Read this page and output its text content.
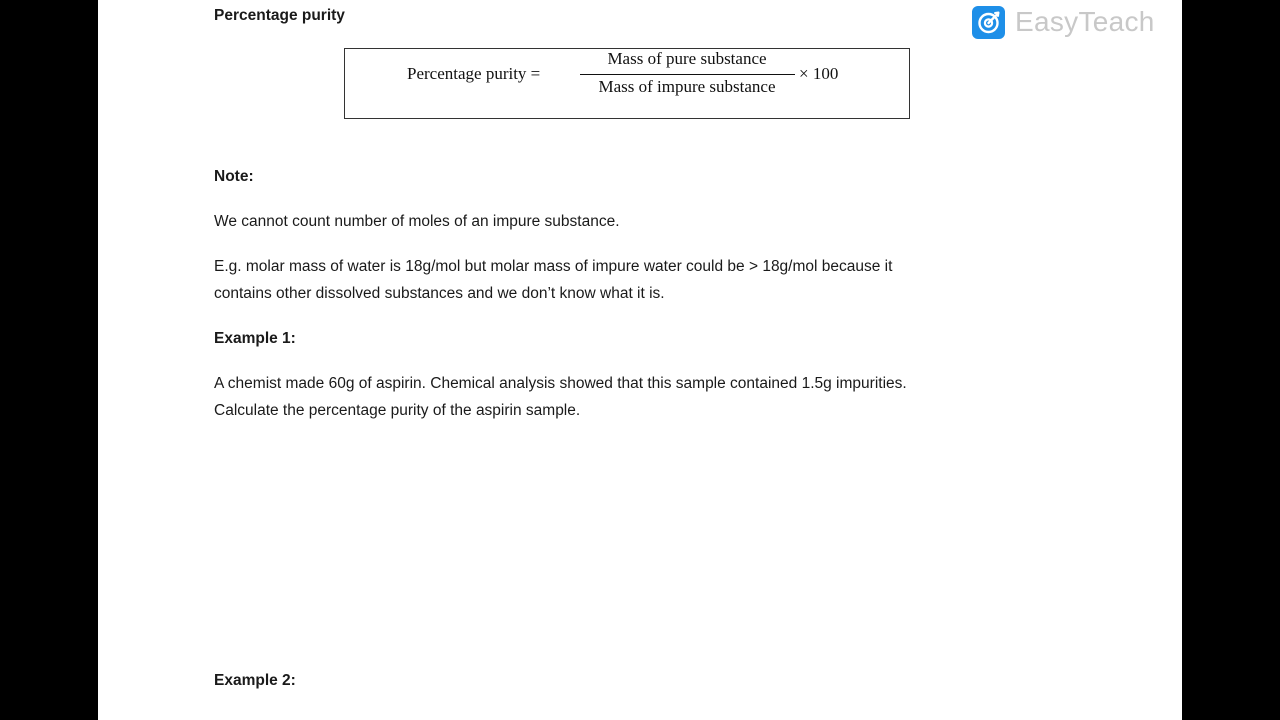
Percentage purity
Percentage purity =
Mass of pure substance
Mass of impure substance
× 100
Note:
We cannot count number of moles of an impure substance.
E.g. molar mass of water is 18g/mol but molar mass of impure water could be > 18g/mol because it
contains other dissolved substances and we don’t know what it is.
Example 1:
A chemist made 60g of aspirin. Chemical analysis showed that this sample contained 1.5g impurities.
Calculate the percentage purity of the aspirin sample.
Example 2:
EasyTeach
